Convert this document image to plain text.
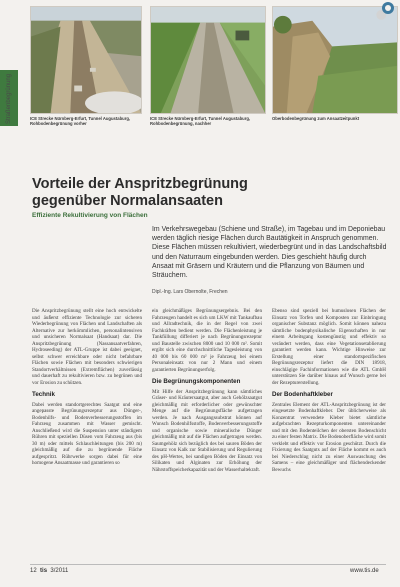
Straßenbegrünung	ICE Strecke Nürnberg-Erfurt, Tunnel Augustaburg, Rohbodenbegrünung vorher
ICE Strecke Nürnberg-Erfurt, Tunnel Augustaburg, Rohbodenbegrünung, nachher
Oberbodenbegrünung zum Ansaatzeitpunkt
Vorteile der Anspritzbegrünung gegenüber Normalansaaten
Effiziente Rekultivierung von Flächen
Im Verkehrswegebau (Schiene und Straße), im Tagebau und im Deponiebau werden täglich riesige Flächen durch Bautätigkeit in Anspruch genommen. Diese Flächen müssen rekultiviert, wiederbegrünt und in das Landschaftsbild und den Naturraum eingebunden werden. Dies geschieht häufig durch Ansaat mit Gräsern und Kräutern und die Pflanzung von Bäumen und Sträuchern.
Dipl.-Ing. Lars Obernolte, Frechen

Die Anspritzbegrünung stellt eine hoch entwickelte und äußerst effiziente Technologie zur sicheren Wiederbegrünung von Flächen und Landschaften als Alternative zur herkömmlichen, personalintensiven und unsicheren Normalsaat (Handsaat) dar. Die Anspritzbegrünung (Nassansaatverfahren, Hydroseeding) der ATL-Gruppe ist dabei geeignet, selbst schwer erreichbare oder nicht befahrbare Flächen sowie Flächen mit besonders schwierigen Standortverhältnissen (Extremflächen) zuverlässig und dauerhaft zu rekultivieren bzw. zu begrünen und vor Erosion zu schützen.

Technik

Dabei werden standortgerechtes Saatgut und eine angepasste Begrünungsrezeptur aus Dünger-, Bodenhilfs- und Bodenverbesserungsstoffen im Fahrzeug zusammen mit Wasser gemischt. Anschließend wird die Suspension unter ständigem Rühren mit speziellen Düsen vom Fahrzeug aus (bis 30 m) oder mittels Schlauchleitungen (bis 200 m) gleichmäßig auf die zu begrünende Fläche aufgespritzt. Rührwerke sorgen dabei für eine homogene Ansaatmasse und garantieren so

ein gleichmäßiges Begrünungsergebnis. Bei den Fahrzeugen handelt es sich um LKW mit Tankaufbau und Allradtechnik, die in der Regel von zwei Fachkräften bedient werden. Die Flächenleistung je Tankfüllung differiert je nach Begrünungsrezeptur und Baustelle zwischen 8000 und 10 000 m². Somit ergibt sich eine durchschnittliche Tagesleistung von 40 000 bis 60 000 m² je Fahrzeug bei einem Personaleinsatz von nur 2 Mann und einem garantierten Begrünungserfolg.

Die Begrünungskomponenten

Mit Hilfe der Anspritzbegrünung kann sämtliches Gräser- und Kräutersaatgut, aber auch Gehölzsaatgut gleichmäßig mit erforderlicher oder gewünschter Menge auf die Begrünungsfläche aufgetragen werden. Je nach Ausgangssubstrat können auf Wunsch Bodenhilfsstoffe, Bodenverbesserungsstoffe und organische sowie mineralische Dünger gleichmäßig mit auf die Flächen aufgetragen werden. Saumgehölz sich bezüglich des bei sauren Böden der Einsatz von Kalk zur Stabilisierung und Regulierung des pH-Wertes, bei sandigen Böden der Einsatz von Silikaten und Alginaten zur Erhöhung der Nährstoffspeicherkapazität und der Wasserhaltekraft.

Ebenso sind speziell bei humuslosen Flächen der Einsatz von Torfen und Komposten zur Einbringung organischer Substanz möglich. Somit können nahezu sämtliche bodenphysikalische Eigenschaften in nur einem Arbeitsgang kostengünstig und effektiv so verändert werden, dass eine Vegetationsetablierung garantiert werden kann. Wichtige Hinweise zur Erstellung einer standortspezifischen Begrünungsrezeptur liefert die DIN 18918, einschlägige Fachinformationen wie die ATL GmbH unterstützen Sie darüber hinaus auf Wunsch gerne bei der Rezepturerstellung.

Der Bodenhaftkleber

Zentrales Element der ATL-Anspritzbegrünung ist der eingesetzte Bodenhaftkleber. Der üblicherweise als Konzentrat verwendete Kleber bietet sämtliche aufgebrachten Rezepturkomponenten untereinander und mit den Bodenteilchen der obersten Bodenschicht zu einer festen Matrix. Die Bodenoberfläche wird somit verklebt und effektiv vor Erosion geschützt. Durch die Fixierung des Saatguts auf der Fläche kommt es auch bei Niederschlag nicht zu einer Auswaschung des Samens – eine gleichmäßiger und flächendeckender Bewuchs

12 tis 3/2011	www.tis.de
